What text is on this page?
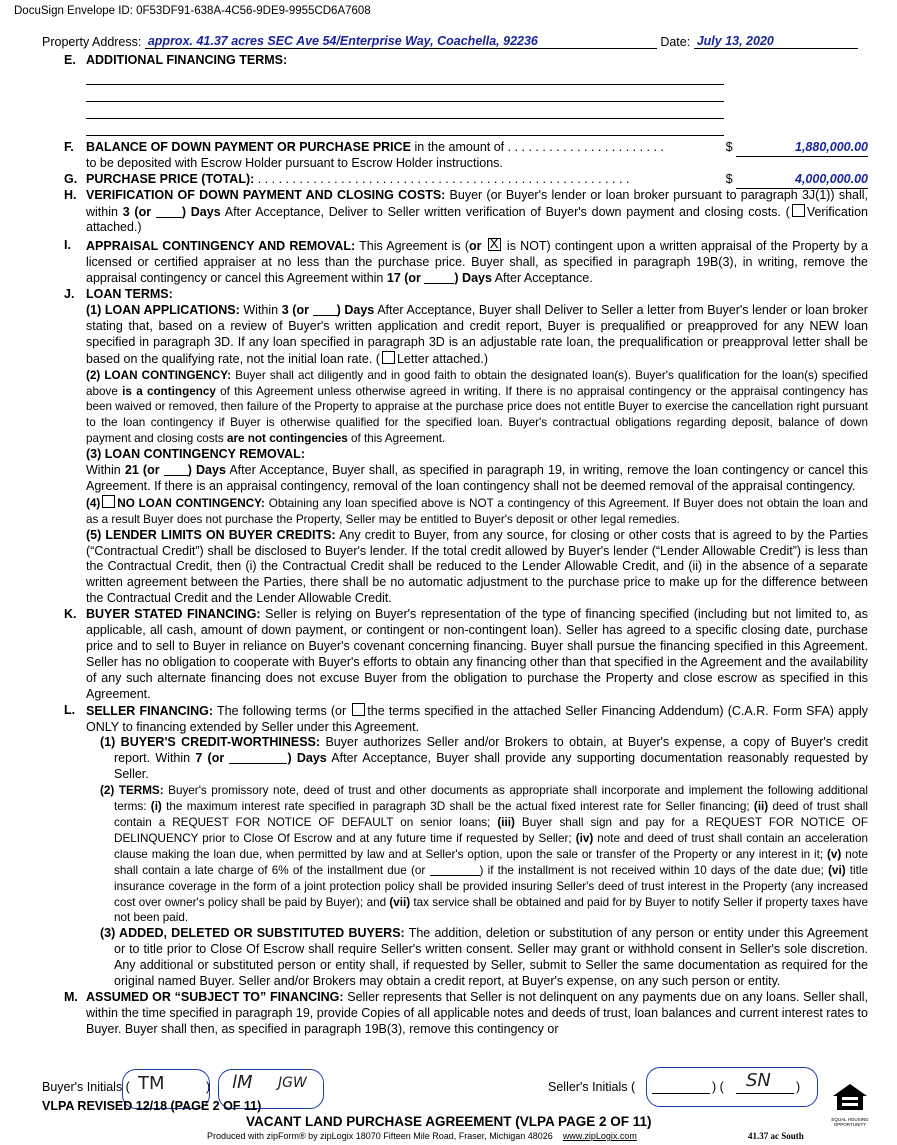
DocuSign Envelope ID: 0F53DF91-638A-4C56-9DE9-9955CD6A7608
Property Address: approx. 41.37 acres SEC Ave 54/Enterprise Way, Coachella, 92236	Date: July 13, 2020
E. ADDITIONAL FINANCING TERMS:
F. BALANCE OF DOWN PAYMENT OR PURCHASE PRICE in the amount of . . . . . . . . . . . . . . . . . . . . . . .	$	1,880,000.00
to be deposited with Escrow Holder pursuant to Escrow Holder instructions.
G. PURCHASE PRICE (TOTAL): . . . . . . . . . . . . . . . . . . . . . . . . . . . . . . . . . . . . . . . . . . . . . . . . . . . . . .	$	4,000,000.00
H. VERIFICATION OF DOWN PAYMENT AND CLOSING COSTS: Buyer (or Buyer's lender or loan broker pursuant to paragraph 3J(1)) shall, within 3 (or ) Days After Acceptance, Deliver to Seller written verification of Buyer's down payment and closing costs. ( Verification attached.)
I. APPRAISAL CONTINGENCY AND REMOVAL: This Agreement is (or X is NOT) contingent upon a written appraisal of the Property by a licensed or certified appraiser at no less than the purchase price. Buyer shall, as specified in paragraph 19B(3), in writing, remove the appraisal contingency or cancel this Agreement within 17 (or	) Days After Acceptance.
J. LOAN TERMS:
(1) LOAN APPLICATIONS: Within 3 (or ) Days After Acceptance, Buyer shall Deliver to Seller a letter from Buyer's lender or loan broker stating that, based on a review of Buyer's written application and credit report, Buyer is prequalified or preapproved for any NEW loan specified in paragraph 3D. If any loan specified in paragraph 3D is an adjustable rate loan, the prequalification or preapproval letter shall be based on the qualifying rate, not the initial loan rate. ( Letter attached.)
(2) LOAN CONTINGENCY: Buyer shall act diligently and in good faith to obtain the designated loan(s). Buyer's qualification for the loan(s) specified above is a contingency of this Agreement unless otherwise agreed in writing. If there is no appraisal contingency or the appraisal contingency has been waived or removed, then failure of the Property to appraise at the purchase price does not entitle Buyer to exercise the cancellation right pursuant to the loan contingency if Buyer is otherwise qualified for the specified loan. Buyer's contractual obligations regarding deposit, balance of down payment and closing costs are not contingencies of this Agreement.
(3) LOAN CONTINGENCY REMOVAL:
Within 21 (or ) Days After Acceptance, Buyer shall, as specified in paragraph 19, in writing, remove the loan contingency or cancel this Agreement. If there is an appraisal contingency, removal of the loan contingency shall not be deemed removal of the appraisal contingency.
(4) NO LOAN CONTINGENCY: Obtaining any loan specified above is NOT a contingency of this Agreement. If Buyer does not obtain the loan and as a result Buyer does not purchase the Property, Seller may be entitled to Buyer's deposit or other legal remedies.
(5) LENDER LIMITS ON BUYER CREDITS: Any credit to Buyer, from any source, for closing or other costs that is agreed to by the Parties (“Contractual Credit”) shall be disclosed to Buyer's lender. If the total credit allowed by Buyer's lender (“Lender Allowable Credit”) is less than the Contractual Credit, then (i) the Contractual Credit shall be reduced to the Lender Allowable Credit, and (ii) in the absence of a separate written agreement between the Parties, there shall be no automatic adjustment to the purchase price to make up for the difference between the Contractual Credit and the Lender Allowable Credit.
K. BUYER STATED FINANCING: Seller is relying on Buyer's representation of the type of financing specified (including but not limited to, as applicable, all cash, amount of down payment, or contingent or non-contingent loan). Seller has agreed to a specific closing date, purchase price and to sell to Buyer in reliance on Buyer's covenant concerning financing. Buyer shall pursue the financing specified in this Agreement. Seller has no obligation to cooperate with Buyer's efforts to obtain any financing other than that specified in the Agreement and the availability of any such alternate financing does not excuse Buyer from the obligation to purchase the Property and close escrow as specified in this Agreement.
L. SELLER FINANCING: The following terms (or the terms specified in the attached Seller Financing Addendum) (C.A.R. Form SFA) apply ONLY to financing extended by Seller under this Agreement.
(1) BUYER'S CREDIT-WORTHINESS: Buyer authorizes Seller and/or Brokers to obtain, at Buyer's expense, a copy of Buyer's credit report. Within 7 (or	) Days After Acceptance, Buyer shall provide any supporting documentation reasonably requested by Seller.
(2) TERMS: Buyer's promissory note, deed of trust and other documents as appropriate shall incorporate and implement the following additional terms: (i) the maximum interest rate specified in paragraph 3D shall be the actual fixed interest rate for Seller financing; (ii) deed of trust shall contain a REQUEST FOR NOTICE OF DEFAULT on senior loans; (iii) Buyer shall sign and pay for a REQUEST FOR NOTICE OF DELINQUENCY prior to Close Of Escrow and at any future time if requested by Seller; (iv) note and deed of trust shall contain an acceleration clause making the loan due, when permitted by law and at Seller's option, upon the sale or transfer of the Property or any interest in it; (v) note shall contain a late charge of 6% of the installment due (or	) if the installment is not received within 10 days of the date due; (vi) title insurance coverage in the form of a joint protection policy shall be provided insuring Seller's deed of trust interest in the Property (any increased cost over owner's policy shall be paid by Buyer); and (vii) tax service shall be obtained and paid for by Buyer to notify Seller if property taxes have not been paid.
(3) ADDED, DELETED OR SUBSTITUTED BUYERS: The addition, deletion or substitution of any person or entity under this Agreement or to title prior to Close Of Escrow shall require Seller's written consent. Seller may grant or withhold consent in Seller's sole discretion. Any additional or substituted person or entity shall, if requested by Seller, submit to Seller the same documentation as required for the original named Buyer. Seller and/or Brokers may obtain a credit report, at Buyer's expense, on any such person or entity.
M. ASSUMED OR “SUBJECT TO” FINANCING: Seller represents that Seller is not delinquent on any payments due on any loans. Seller shall, within the time specified in paragraph 19, provide Copies of all applicable notes and deeds of trust, loan balances and current interest rates to Buyer. Buyer shall then, as specified in paragraph 19B(3), remove this contingency or
Buyer's Initials ( TM	) lM JGW	Seller's Initials (	) (	)
SN
VLPA REVISED 12/18 (PAGE 2 OF 11)
VACANT LAND PURCHASE AGREEMENT (VLPA PAGE 2 OF 11)
Produced with zipForm® by zipLogix 18070 Fifteen Mile Road, Fraser, Michigan 48026 www.zipLogix.com	41.37 ac South
EQUAL HOUSING OPPORTUNITY
